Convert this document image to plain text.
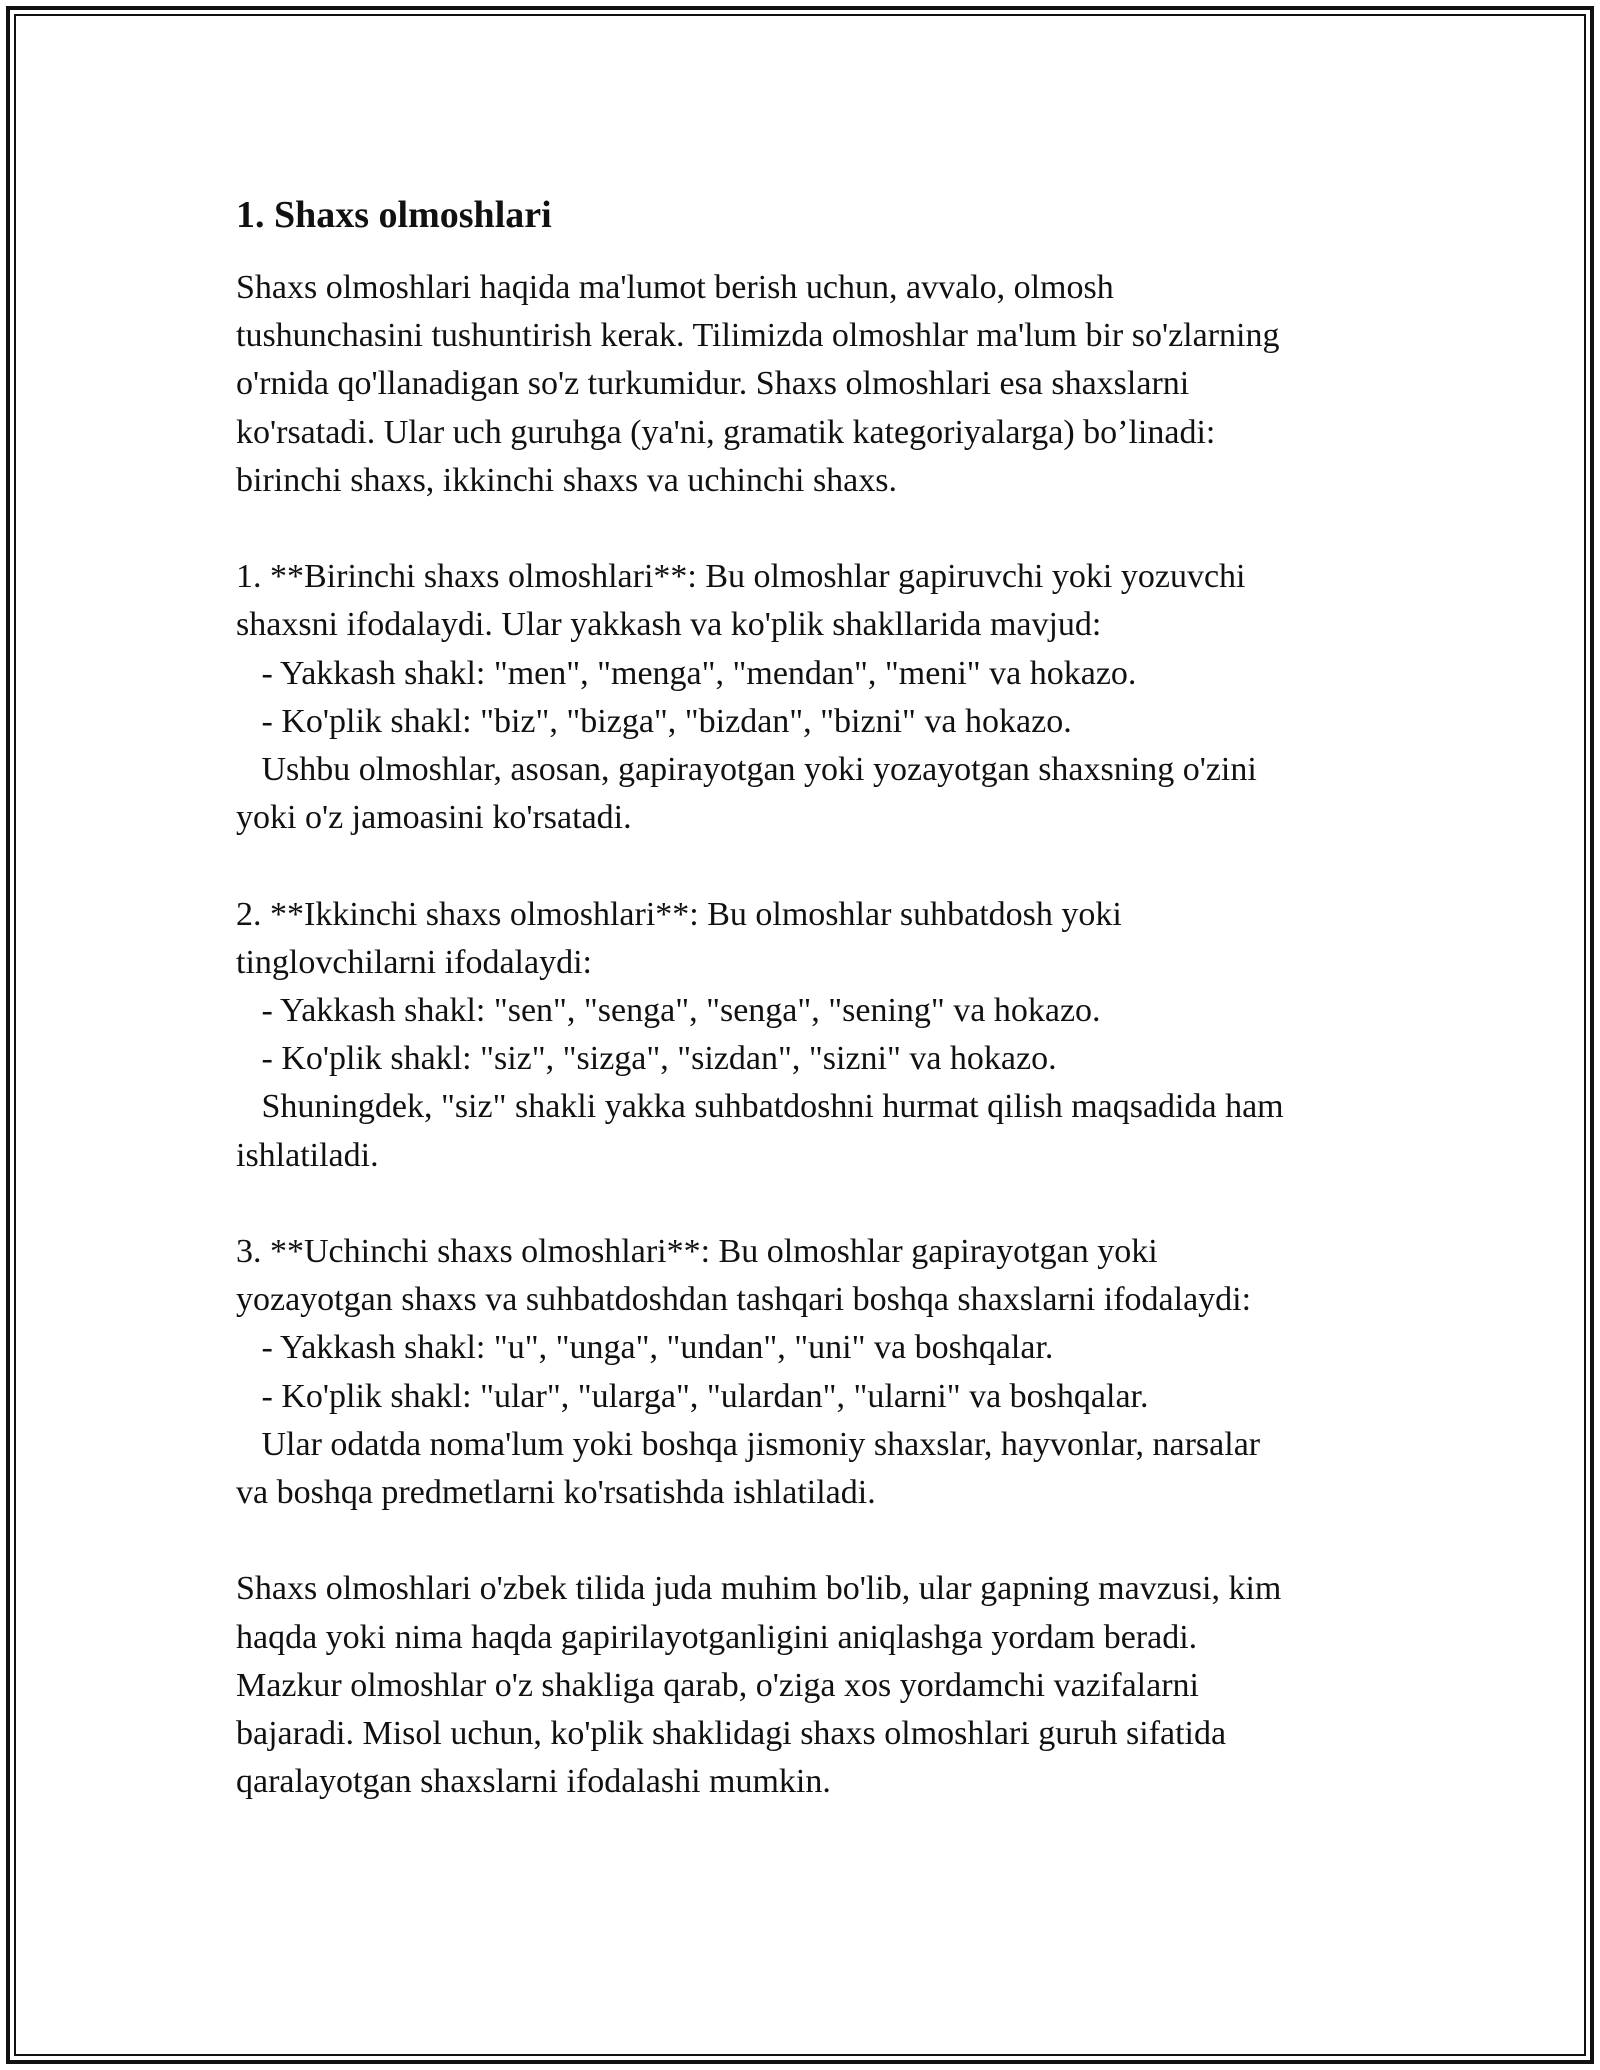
1. Shaxs olmoshlari
Shaxs olmoshlari haqida ma'lumot berish uchun, avvalo, olmosh
tushunchasini tushuntirish kerak. Tilimizda olmoshlar ma'lum bir so'zlarning
o'rnida qo'llanadigan so'z turkumidur. Shaxs olmoshlari esa shaxslarni
ko'rsatadi. Ular uch guruhga (ya'ni, gramatik kategoriyalarga) bo’linadi:
birinchi shaxs, ikkinchi shaxs va uchinchi shaxs.
1. **Birinchi shaxs olmoshlari**: Bu olmoshlar gapiruvchi yoki yozuvchi
shaxsni ifodalaydi. Ular yakkash va ko'plik shakllarida mavjud:
- Yakkash shakl: "men", "menga", "mendan", "meni" va hokazo.
- Ko'plik shakl: "biz", "bizga", "bizdan", "bizni" va hokazo.
Ushbu olmoshlar, asosan, gapirayotgan yoki yozayotgan shaxsning o'zini
yoki o'z jamoasini ko'rsatadi.
2. **Ikkinchi shaxs olmoshlari**: Bu olmoshlar suhbatdosh yoki
tinglovchilarni ifodalaydi:
- Yakkash shakl: "sen", "senga", "senga", "sening" va hokazo.
- Ko'plik shakl: "siz", "sizga", "sizdan", "sizni" va hokazo.
Shuningdek, "siz" shakli yakka suhbatdoshni hurmat qilish maqsadida ham
ishlatiladi.
3. **Uchinchi shaxs olmoshlari**: Bu olmoshlar gapirayotgan yoki
yozayotgan shaxs va suhbatdoshdan tashqari boshqa shaxslarni ifodalaydi:
- Yakkash shakl: "u", "unga", "undan", "uni" va boshqalar.
- Ko'plik shakl: "ular", "ularga", "ulardan", "ularni" va boshqalar.
Ular odatda noma'lum yoki boshqa jismoniy shaxslar, hayvonlar, narsalar
va boshqa predmetlarni ko'rsatishda ishlatiladi.
Shaxs olmoshlari o'zbek tilida juda muhim bo'lib, ular gapning mavzusi, kim
haqda yoki nima haqda gapirilayotganligini aniqlashga yordam beradi.
Mazkur olmoshlar o'z shakliga qarab, o'ziga xos yordamchi vazifalarni
bajaradi. Misol uchun, ko'plik shaklidagi shaxs olmoshlari guruh sifatida
qaralayotgan shaxslarni ifodalashi mumkin.
